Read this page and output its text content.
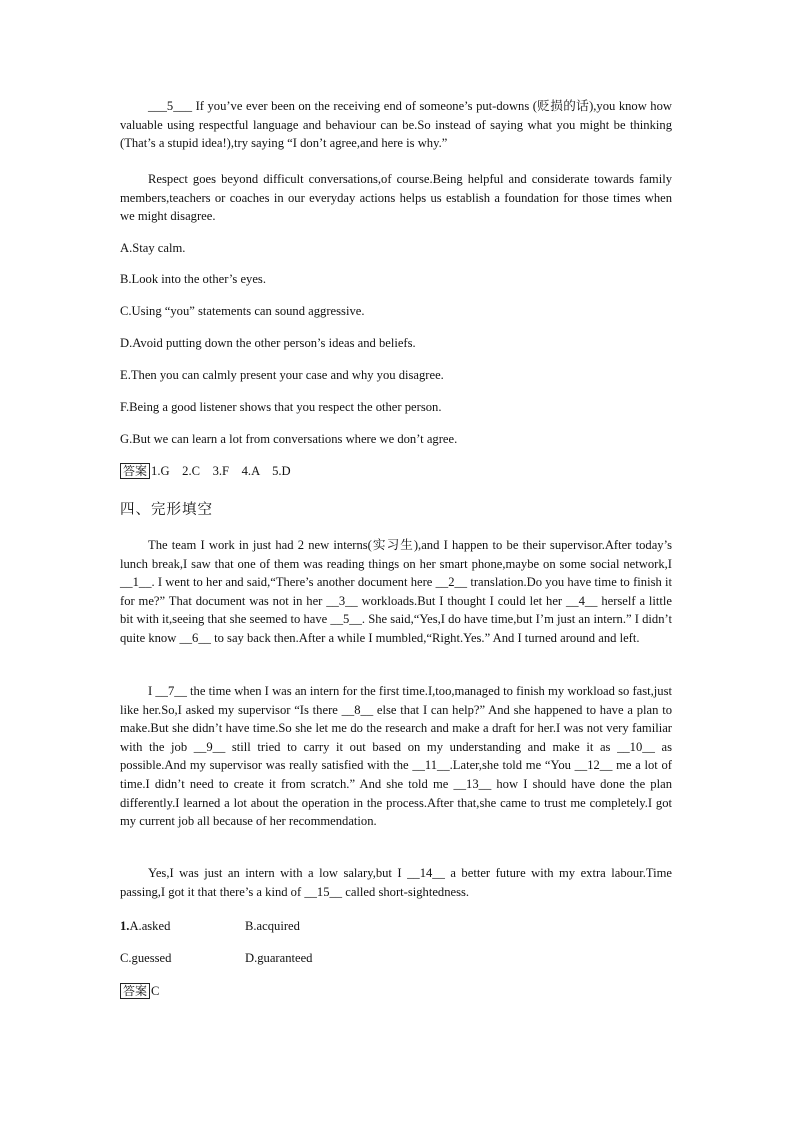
___5___ If you’ve ever been on the receiving end of someone’s put-downs (贬损的话),you know how valuable using respectful language and behaviour can be.So instead of saying what you might be thinking (That’s a stupid idea!),try saying “I don’t agree,and here is why.”
Respect goes beyond difficult conversations,of course.Being helpful and considerate towards family members,teachers or coaches in our everyday actions helps us establish a foundation for those times when we might disagree.
A.Stay calm.
B.Look into the other’s eyes.
C.Using “you” statements can sound aggressive.
D.Avoid putting down the other person’s ideas and beliefs.
E.Then you can calmly present your case and why you disagree.
F.Being a good listener shows that you respect the other person.
G.But we can learn a lot from conversations where we don’t agree.
答案 1.G    2.C    3.F    4.A    5.D
四、完形填空
The team I work in just had 2 new interns(实习生),and I happen to be their supervisor.After today’s lunch break,I saw that one of them was reading things on her smart phone,maybe on some social network,I __1__. I went to her and said,“There’s another document here __2__ translation.Do you have time to finish it for me?” That document was not in her __3__ workloads.But I thought I could let her __4__ herself a little bit with it,seeing that she seemed to have __5__. She said,“Yes,I do have time,but I’m just an intern.” I didn’t quite know __6__ to say back then.After a while I mumbled,“Right.Yes.” And I turned around and left.
I __7__ the time when I was an intern for the first time.I,too,managed to finish my workload so fast,just like her.So,I asked my supervisor “Is there __8__ else that I can help?” And she happened to have a plan to make.But she didn’t have time.So she let me do the research and make a draft for her.I was not very familiar with the job __9__ still tried to carry it out based on my understanding and make it as __10__ as possible.And my supervisor was really satisfied with the __11__.Later,she told me “You __12__ me a lot of time.I didn’t need to create it from scratch.” And she told me __13__ how I should have done the plan differently.I learned a lot about the operation in the process.After that,she came to trust me completely.I got my current job all because of her recommendation.
Yes,I was just an intern with a low salary,but I __14__ a better future with my extra labour.Time passing,I got it that there’s a kind of __15__ called short-sightedness.
1.A.asked	B.acquired
C.guessed	D.guaranteed
答案 C
